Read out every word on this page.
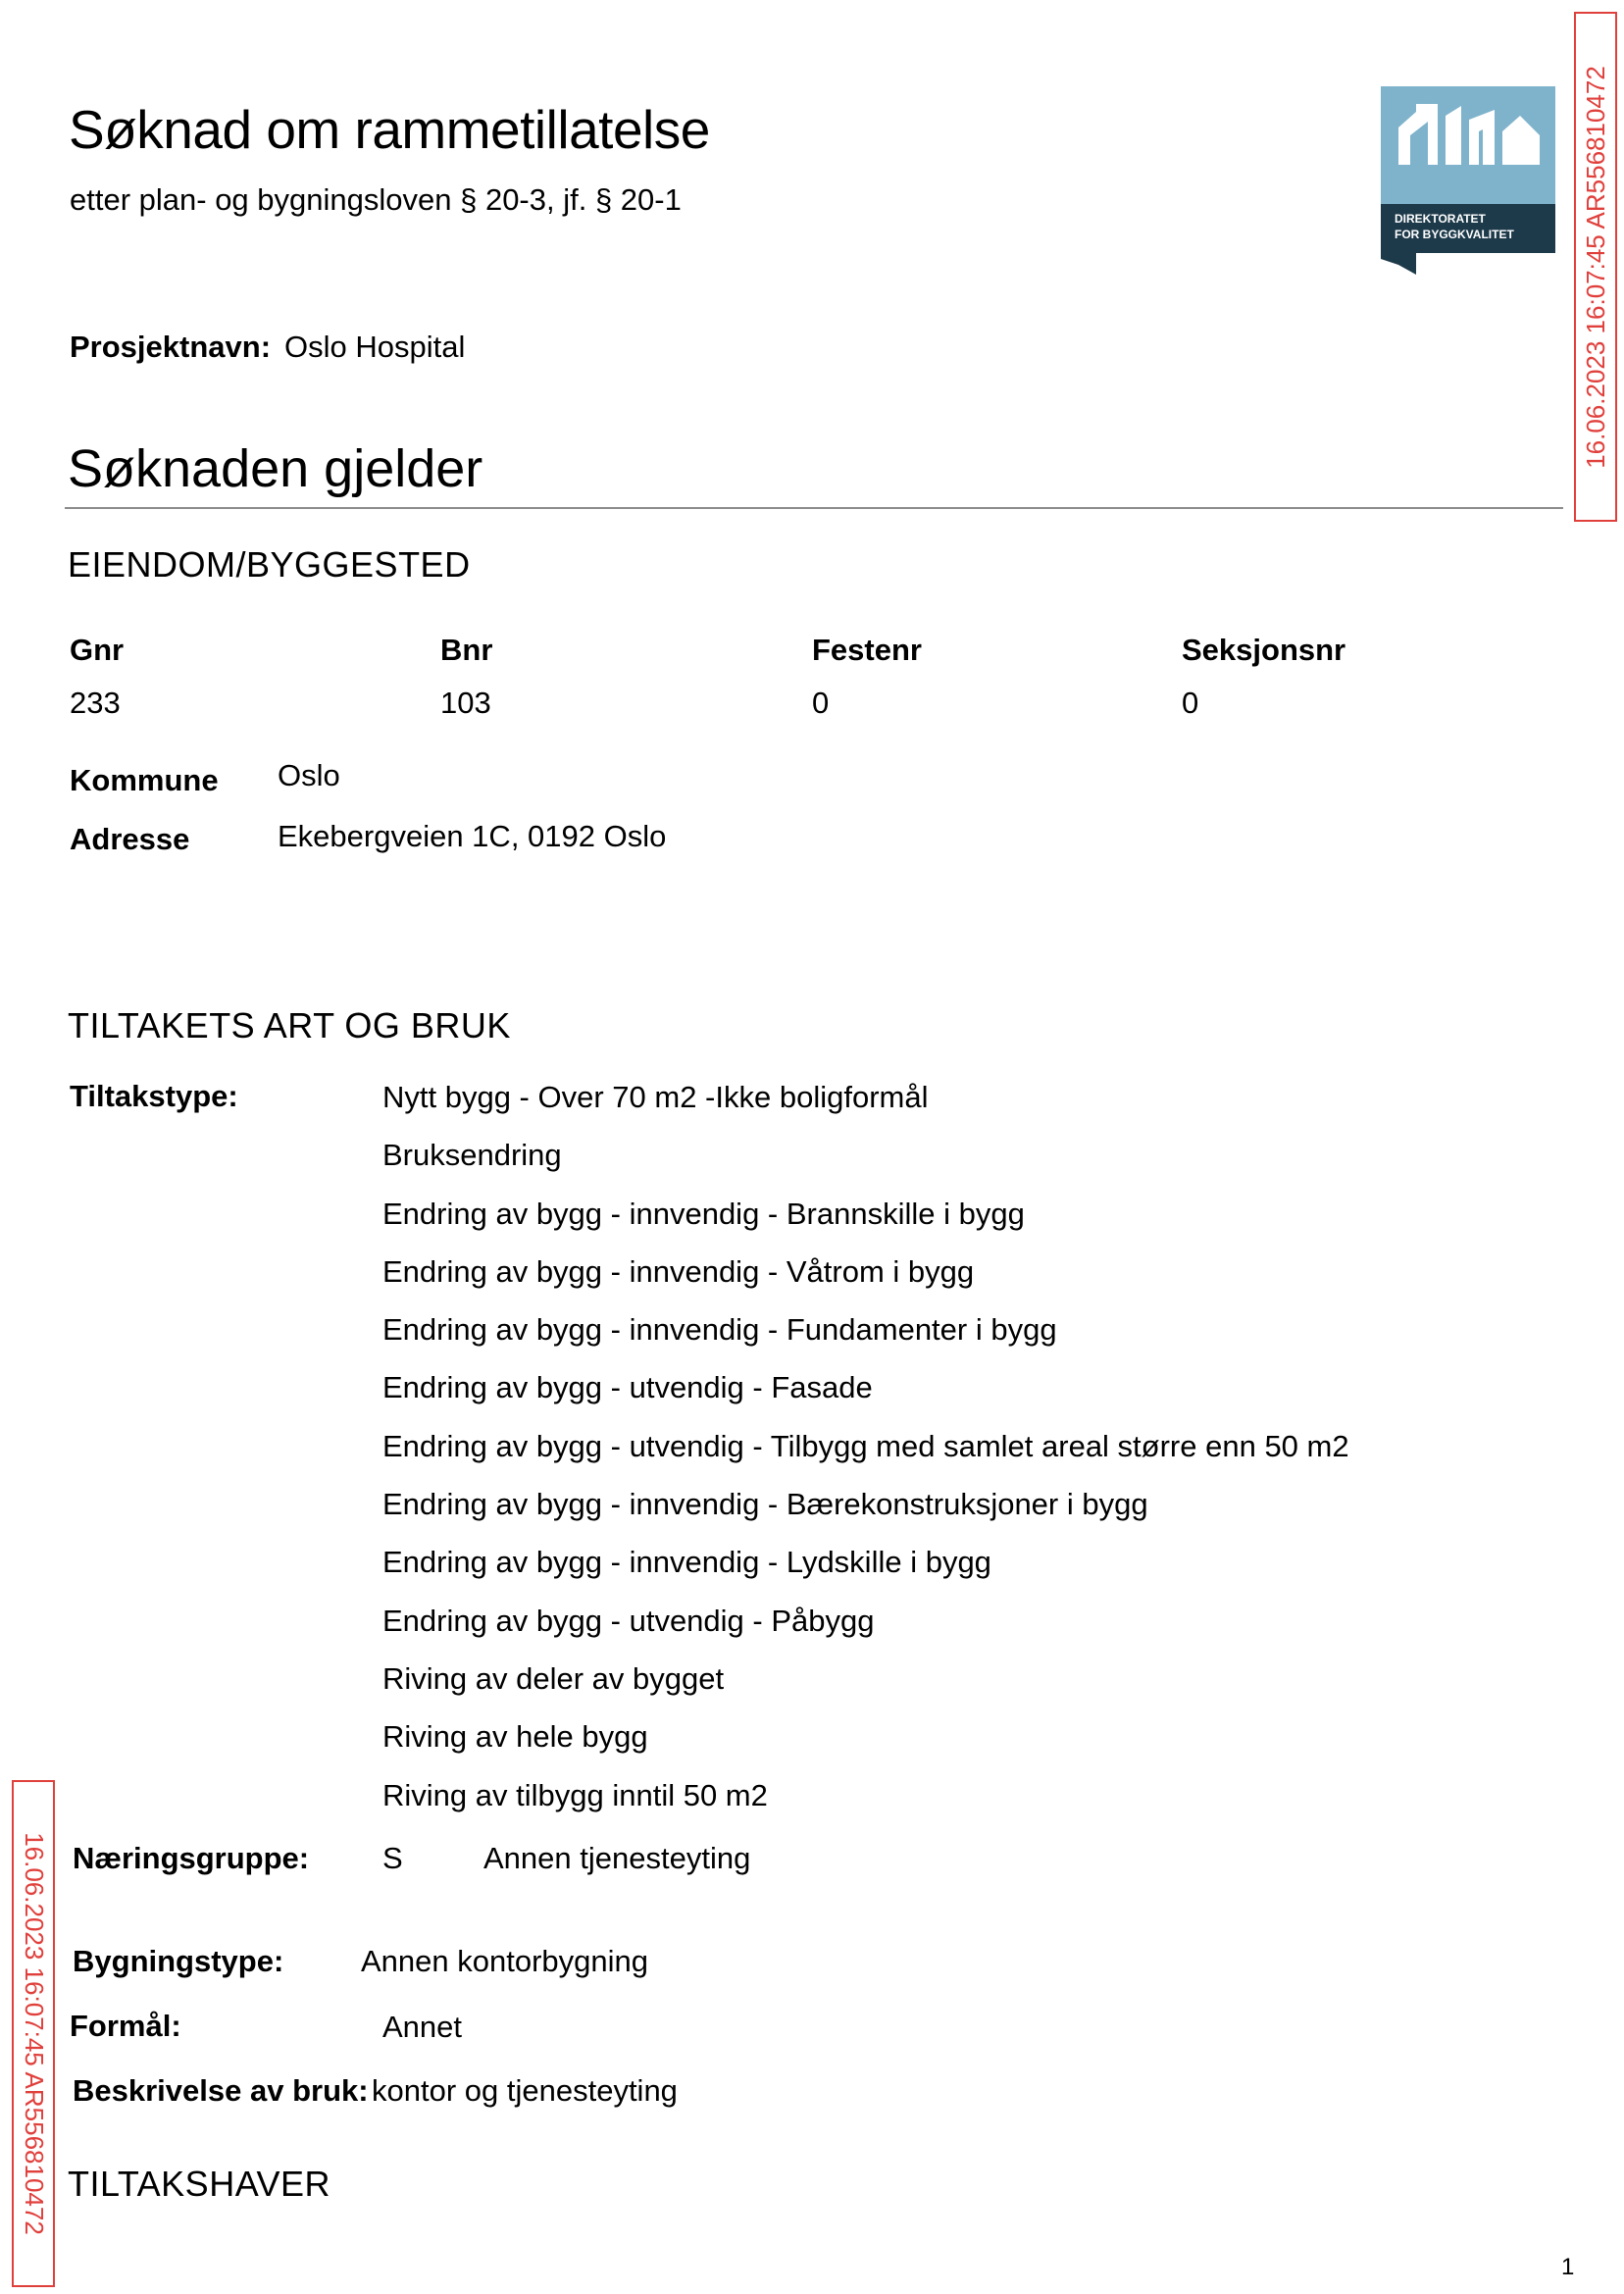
Søknad om rammetillatelse
etter plan- og bygningsloven § 20-3, jf. § 20-1
DIREKTORATET
FOR BYGGKVALITET	16.06.2023 16:07:45 AR556810472
16.06.2023 16:07:45 AR556810472
Prosjektnavn: Oslo Hospital
Søknaden gjelder
EIENDOM/BYGGESTED
Gnr	Bnr	Festenr	Seksjonsnr
233	103	0	0
Kommune Oslo
Adresse	Ekebergveien 1C, 0192 Oslo
TILTAKETS ART OG BRUK
Tiltakstype:	Nytt bygg - Over 70 m2 -Ikke boligformål
Bruksendring
Endring av bygg - innvendig - Brannskille i bygg
Endring av bygg - innvendig - Våtrom i bygg
Endring av bygg - innvendig - Fundamenter i bygg
Endring av bygg - utvendig - Fasade
Endring av bygg - utvendig - Tilbygg med samlet areal større enn 50 m2
Endring av bygg - innvendig - Bærekonstruksjoner i bygg
Endring av bygg - innvendig - Lydskille i bygg
Endring av bygg - utvendig - Påbygg
Riving av deler av bygget
Riving av hele bygg
Riving av tilbygg inntil 50 m2
Næringsgruppe: S	Annen tjenesteyting
Bygningstype:	Annen kontorbygning
Formål:	Annet
Beskrivelse av bruk: kontor og tjenesteyting
TILTAKSHAVER
1
